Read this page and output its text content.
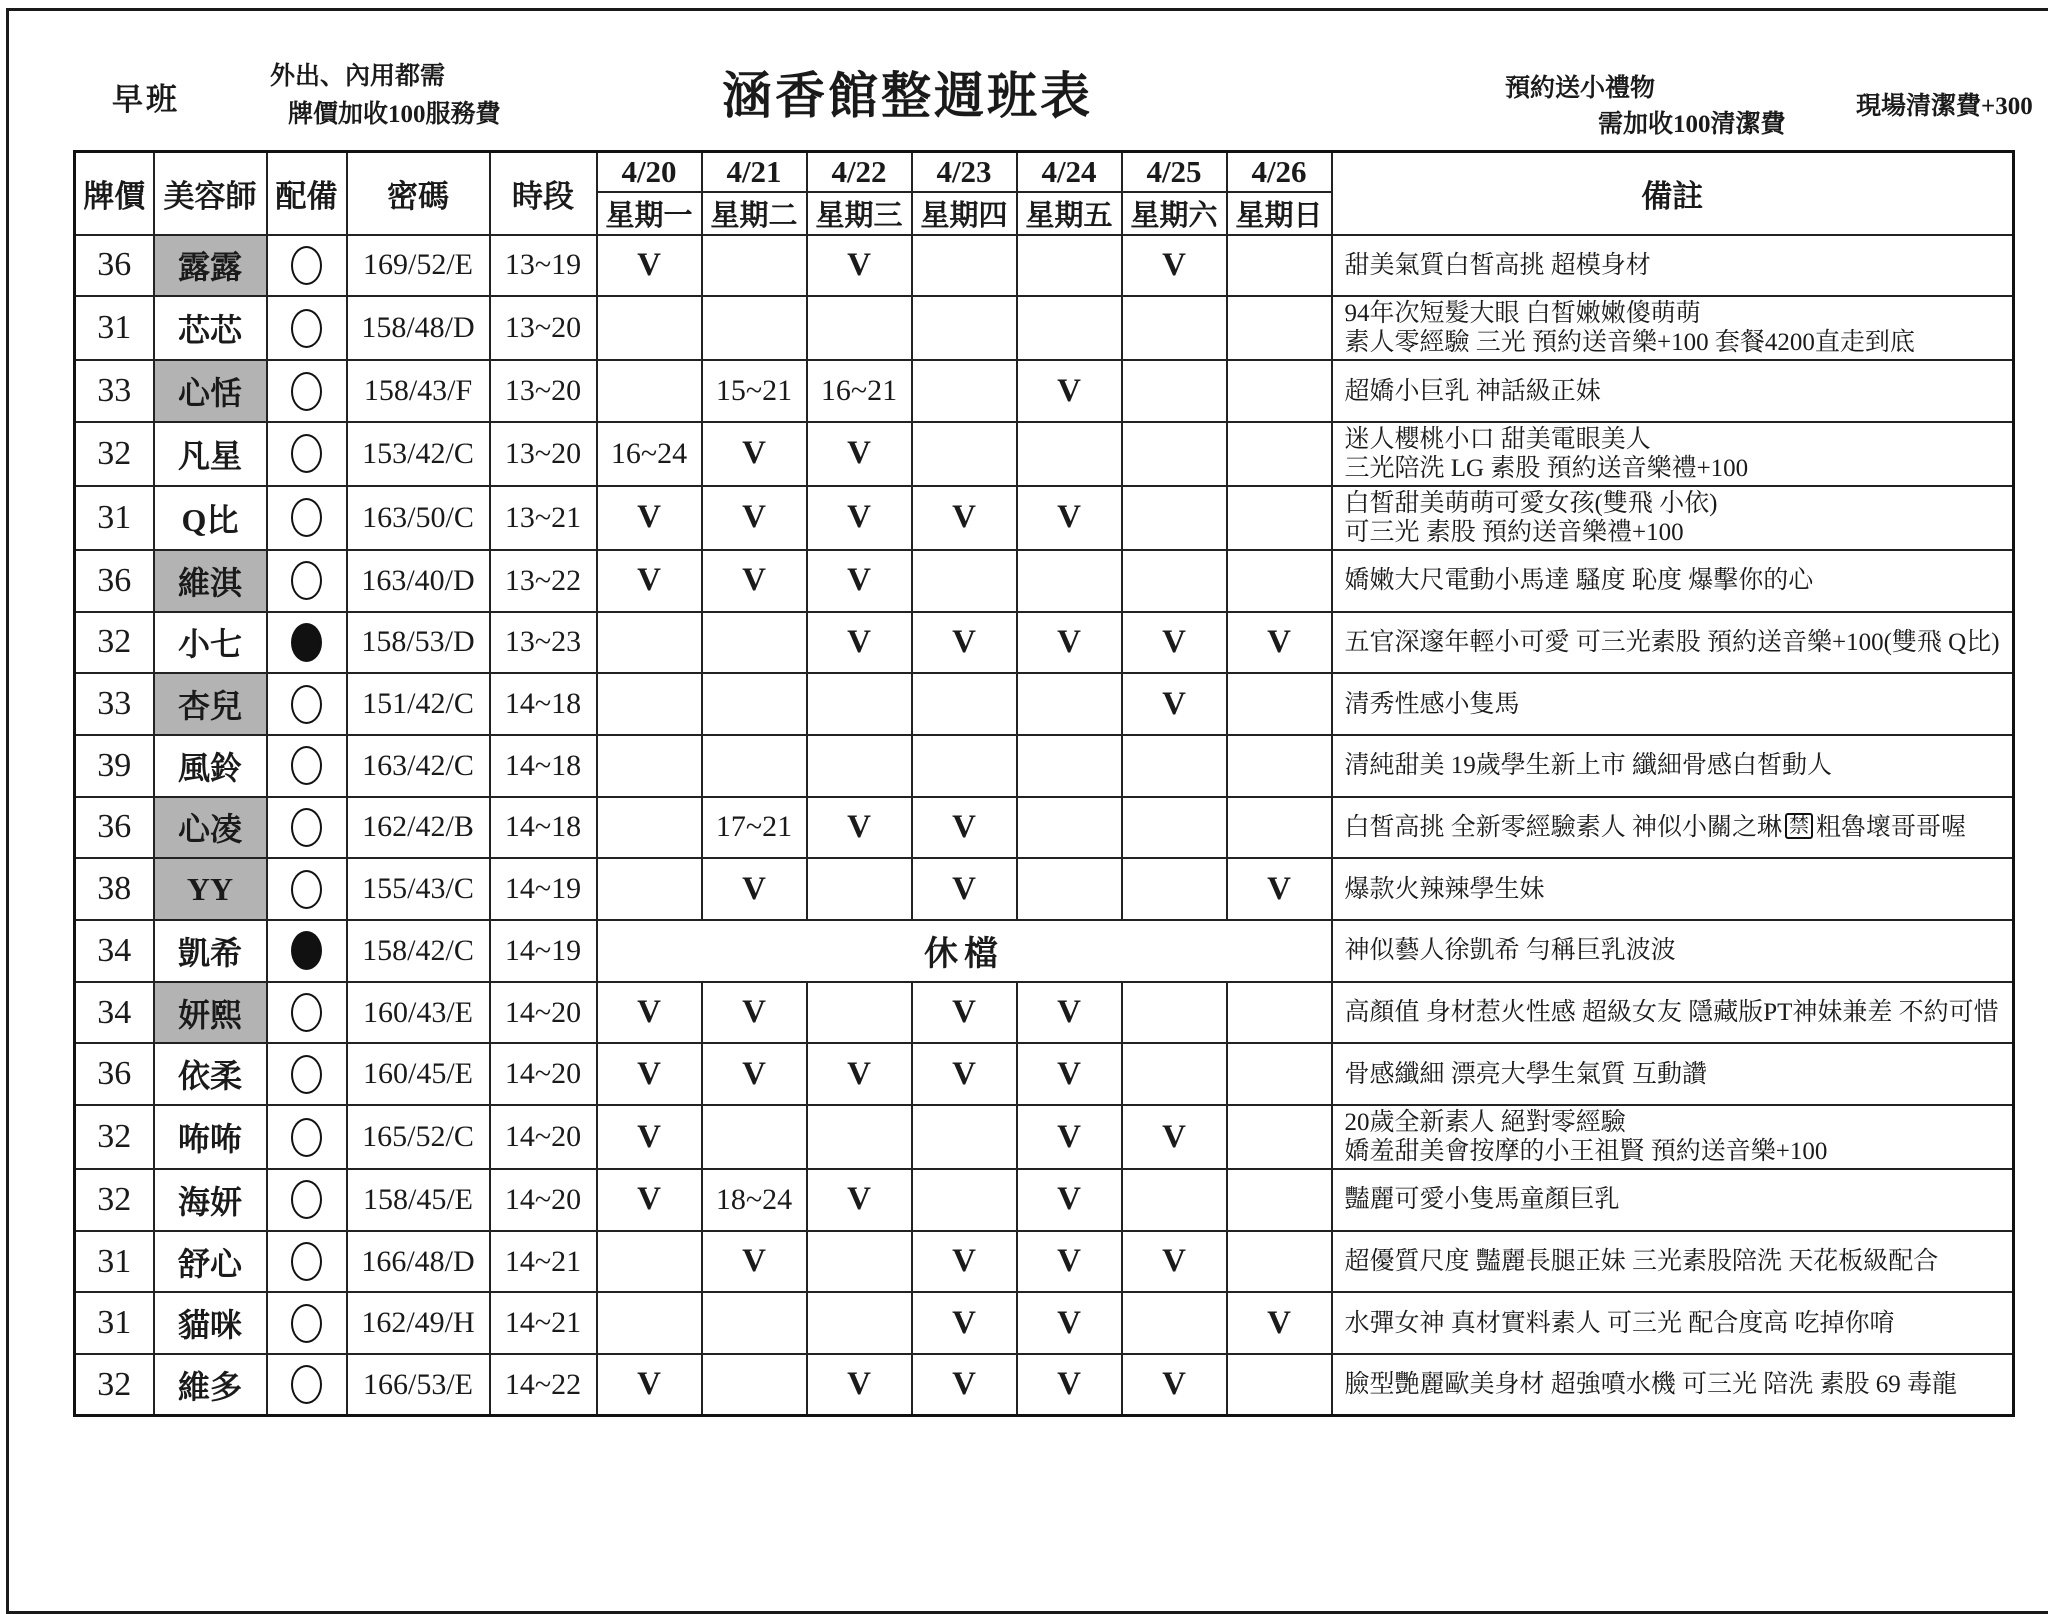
早班
外出、內用都需
牌價加收100服務費	涵香館整週班表	預約送小禮物
需加收100清潔費
現場清潔費+300
牌價	美容師	配備	密碼	時段	4/20	4/21	4/22	4/23	4/24	4/25	4/26	備註
					星期一	星期二	星期三	星期四	星期五	星期六	星期日	
36	露露		169/52/E	13~19	V		V			V		甜美氣質白皙高挑 超模身材

31	芯芯		158/48/D	13~20								94年次短髮大眼 白皙嫩嫩傻萌萌
素人零經驗 三光 預約送音樂+100 套餐4200直走到底

33	心恬		158/43/F	13~20		15~21	16~21		V			超嬌小巨乳 神話級正妹

32	凡星		153/42/C	13~20	16~24	V	V					迷人櫻桃小口 甜美電眼美人
三光陪洗 LG 素股 預約送音樂禮+100

31	Q比		163/50/C	13~21	V	V	V	V	V			白皙甜美萌萌可愛女孩(雙飛 小依)
可三光 素股 預約送音樂禮+100

36	維淇		163/40/D	13~22	V	V	V					嬌嫩大尺電動小馬達 騷度 恥度 爆擊你的心

32	小七		158/53/D	13~23			V	V	V	V	V	五官深邃年輕小可愛 可三光素股 預約送音樂+100(雙飛 Q比)

33	杏兒		151/42/C	14~18						V		清秀性感小隻馬

39	風鈴		163/42/C	14~18								清純甜美 19歲學生新上市 纖細骨感白皙動人

36	心凌		162/42/B	14~18		17~21	V	V				白皙高挑 全新零經驗素人 神似小關之琳 禁 粗魯壞哥哥喔

38	YY		155/43/C	14~19		V		V			V	爆款火辣辣學生妹

34	凱希		158/42/C	14~19	休檔							神似藝人徐凱希 勻稱巨乳波波

34	妍熙		160/43/E	14~20	V	V		V	V			高顏值 身材惹火性感 超級女友 隱藏版PT神妹兼差 不約可惜

36	依柔		160/45/E	14~20	V	V	V	V	V			骨感纖細 漂亮大學生氣質 互動讚

32	咘咘		165/52/C	14~20	V				V	V		20歲全新素人 絕對零經驗
嬌羞甜美會按摩的小王祖賢 預約送音樂+100

32	海妍		158/45/E	14~20	V	18~24	V		V			豔麗可愛小隻馬童顏巨乳

31	舒心		166/48/D	14~21		V		V	V	V		超優質尺度 豔麗長腿正妹 三光素股陪洗 天花板級配合

31	貓咪		162/49/H	14~21				V	V		V	水彈女神 真材實料素人 可三光 配合度高 吃掉你唷

32	維多		166/53/E	14~22	V		V	V	V	V		臉型艷麗歐美身材 超強噴水機 可三光 陪洗 素股 69 毒龍
